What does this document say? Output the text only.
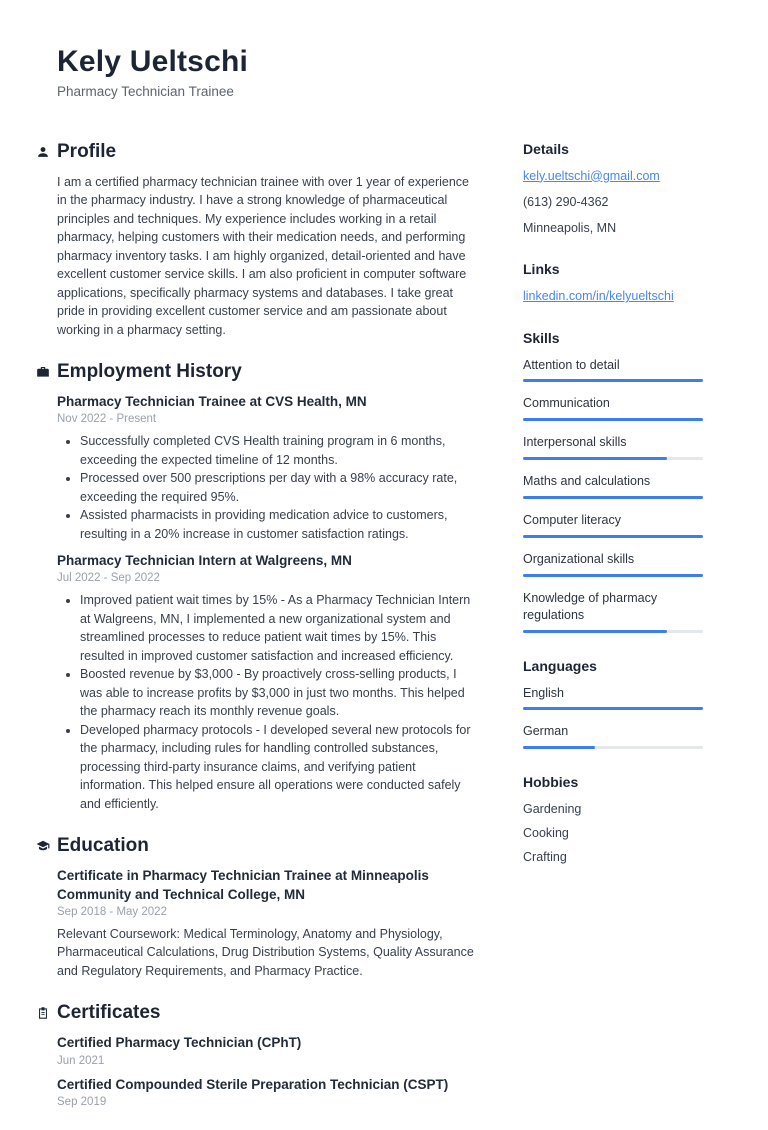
Kely Ueltschi
Pharmacy Technician Trainee
Profile

I am a certified pharmacy technician trainee with over 1 year of experience in the pharmacy industry. I have a strong knowledge of pharmaceutical principles and techniques. My experience includes working in a retail pharmacy, helping customers with their medication needs, and performing pharmacy inventory tasks. I am highly organized, detail-oriented and have excellent customer service skills. I am also proficient in computer software applications, specifically pharmacy systems and databases. I take great pride in providing excellent customer service and am passionate about working in a pharmacy setting.

Employment History
Pharmacy Technician Trainee at CVS Health, MN
Nov 2022 - Present
• Successfully completed CVS Health training program in 6 months, exceeding the expected timeline of 12 months.
• Processed over 500 prescriptions per day with a 98% accuracy rate, exceeding the required 95%.
• Assisted pharmacists in providing medication advice to customers, resulting in a 20% increase in customer satisfaction ratings.
Pharmacy Technician Intern at Walgreens, MN
Jul 2022 - Sep 2022
• Improved patient wait times by 15% - As a Pharmacy Technician Intern at Walgreens, MN, I implemented a new organizational system and streamlined processes to reduce patient wait times by 15%. This resulted in improved customer satisfaction and increased efficiency.
• Boosted revenue by $3,000 - By proactively cross-selling products, I was able to increase profits by $3,000 in just two months. This helped the pharmacy reach its monthly revenue goals.
• Developed pharmacy protocols - I developed several new protocols for the pharmacy, including rules for handling controlled substances, processing third-party insurance claims, and verifying patient information. This helped ensure all operations were conducted safely and efficiently.
Education
Certificate in Pharmacy Technician Trainee at Minneapolis Community and Technical College, MN
Sep 2018 - May 2022

Relevant Coursework: Medical Terminology, Anatomy and Physiology, Pharmaceutical Calculations, Drug Distribution Systems, Quality Assurance and Regulatory Requirements, and Pharmacy Practice.

Certificates
Certified Pharmacy Technician (CPhT)
Jun 2021
Certified Compounded Sterile Preparation Technician (CSPT)
Sep 2019
Details
kely.ueltschi@gmail.com
(613) 290-4362
Minneapolis, MN
Links
linkedin.com/in/kelyueltschi
Skills
Attention to detail
Communication
Interpersonal skills
Maths and calculations
Computer literacy
Organizational skills
Knowledge of pharmacy regulations
Languages
English
German
Hobbies
Gardening
Cooking
Crafting
